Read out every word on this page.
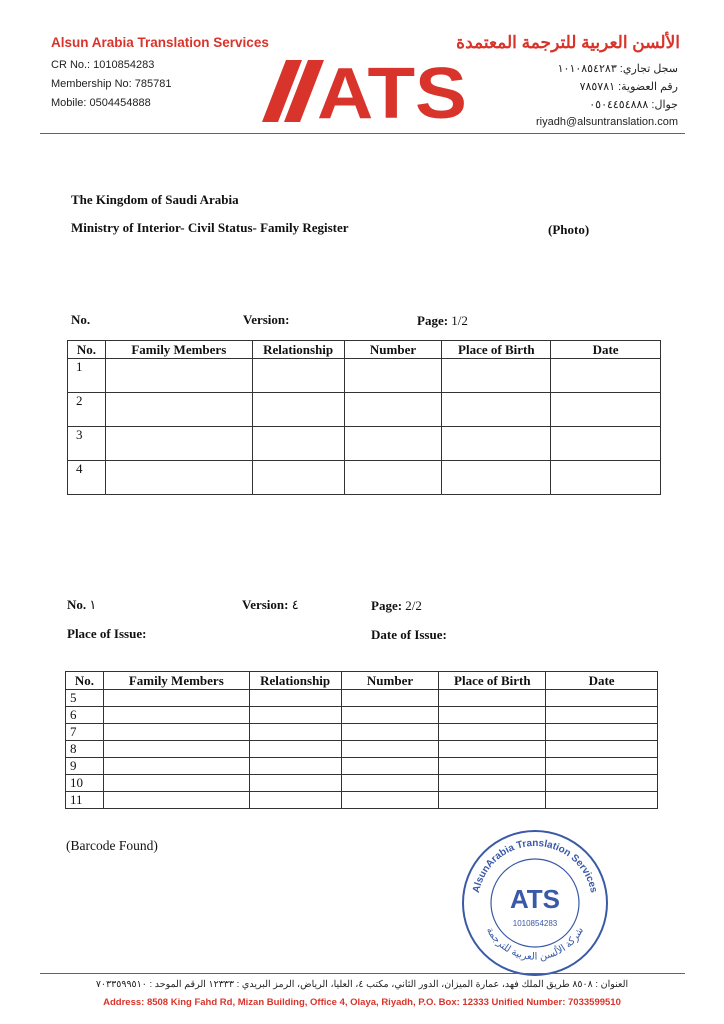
Alsun Arabia Translation Services	الألسن العربية للترجمة المعتمدة
CR No.: 1010854283
Membership No: 785781
Mobile: 0504454888
سجل تجاري: ١٠١٠٨٥٤٢٨٣
رقم العضوية: ٧٨٥٧٨١
جوال: ٠٥٠٤٤٥٤٨٨٨
riyadh@alsuntranslation.com
ATS
The Kingdom of Saudi Arabia
Ministry of Interior- Civil Status- Family Register	(Photo)
No.	Version:	Page: 1/2
No.	Family Members	Relationship	Number	Place of Birth	Date
1					
2					
3					
4					
No. ١	Version: ٤	Page: 2/2
Place of Issue:	Date of Issue:
No.	Family Members	Relationship	Number	Place of Birth	Date
5					
6					
7					
8					
9					
10					
11					
(Barcode Found)
AlsunArabia Translation Services
شركة الألسن العربية للترجمة
ATS
1010854283
العنوان : ٨٥٠٨ طريق الملك فهد، عمارة الميزان، الدور الثاني، مكتب ٤، العليا، الرياض، الرمز البريدي : ١٢٣٣٣ الرقم الموحد : ٧٠٣٣٥٩٩٥١٠
Address: 8508 King Fahd Rd, Mizan Building, Office 4, Olaya, Riyadh, P.O. Box: 12333 Unified Number: 7033599510
